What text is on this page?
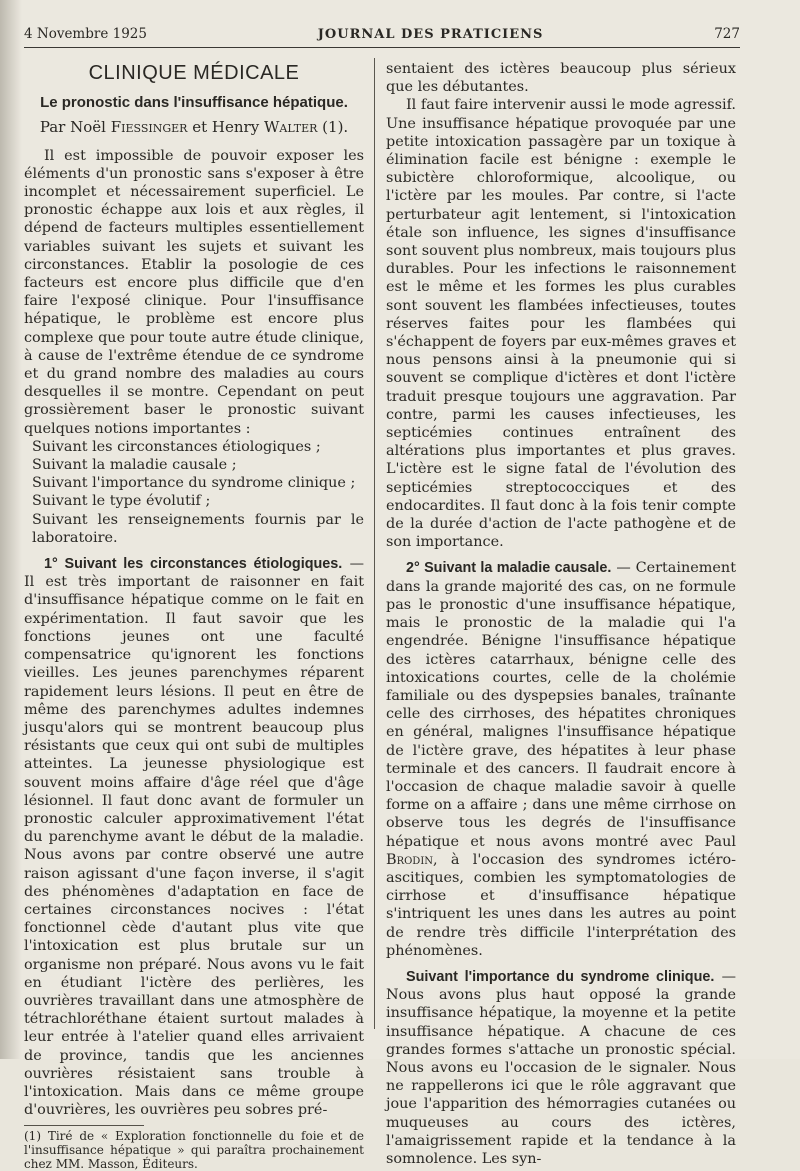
4 Novembre 1925	JOURNAL DES PRATICIENS	727
CLINIQUE MÉDICALE
Le pronostic dans l'insuffisance hépatique.
Par Noël Fiessinger et Henry Walter (1).

Il est impossible de pouvoir exposer les éléments d'un pronostic sans s'exposer à être incomplet et nécessairement superficiel. Le pronostic échappe aux lois et aux règles, il dépend de facteurs multiples essentiellement variables suivant les sujets et suivant les circonstances. Etablir la posologie de ces facteurs est encore plus difficile que d'en faire l'exposé clinique. Pour l'insuffisance hépatique, le problème est encore plus complexe que pour toute autre étude clinique, à cause de l'extrême étendue de ce syndrome et du grand nombre des maladies au cours desquelles il se montre. Cependant on peut grossièrement baser le pronostic suivant quelques notions importantes :

Suivant les circonstances étiologiques ;

Suivant la maladie causale ;

Suivant l'importance du syndrome clinique ;

Suivant le type évolutif ;

Suivant les renseignements fournis par le laboratoire.

1° Suivant les circonstances étiologiques. — Il est très important de raisonner en fait d'insuffisance hépatique comme on le fait en expérimentation. Il faut savoir que les fonctions jeunes ont une faculté compensatrice qu'ignorent les fonctions vieilles. Les jeunes parenchymes réparent rapidement leurs lésions. Il peut en être de même des parenchymes adultes indemnes jusqu'alors qui se montrent beaucoup plus résistants que ceux qui ont subi de multiples atteintes. La jeunesse physiologique est souvent moins affaire d'âge réel que d'âge lésionnel. Il faut donc avant de formuler un pronostic calculer approximativement l'état du parenchyme avant le début de la maladie. Nous avons par contre observé une autre raison agissant d'une façon inverse, il s'agit des phénomènes d'adaptation en face de certaines circonstances nocives : l'état fonctionnel cède d'autant plus vite que l'intoxication est plus brutale sur un organisme non préparé. Nous avons vu le fait en étudiant l'ictère des perlières, les ouvrières travaillant dans une atmosphère de tétrachloréthane étaient surtout malades à leur entrée à l'atelier quand elles arrivaient de province, tandis que les anciennes ouvrières résistaient sans trouble à l'intoxication. Mais dans ce même groupe d'ouvrières, les ouvrières peu sobres pré-

(1) Tiré de « Exploration fonctionnelle du foie et de l'insuffisance hépatique » qui paraîtra prochainement chez MM. Masson, Éditeurs.

sentaient des ictères beaucoup plus sérieux que les débutantes.

Il faut faire intervenir aussi le mode agressif. Une insuffisance hépatique provoquée par une petite intoxication passagère par un toxique à élimination facile est bénigne : exemple le subictère chloroformique, alcoolique, ou l'ictère par les moules. Par contre, si l'acte perturbateur agit lentement, si l'intoxication étale son influence, les signes d'insuffisance sont souvent plus nombreux, mais toujours plus durables. Pour les infections le raisonnement est le même et les formes les plus curables sont souvent les flambées infectieuses, toutes réserves faites pour les flambées qui s'échappent de foyers par eux-mêmes graves et nous pensons ainsi à la pneumonie qui si souvent se complique d'ictères et dont l'ictère traduit presque toujours une aggravation. Par contre, parmi les causes infectieuses, les septicémies continues entraînent des altérations plus importantes et plus graves. L'ictère est le signe fatal de l'évolution des septicémies streptococciques et des endocardites. Il faut donc à la fois tenir compte de la durée d'action de l'acte pathogène et de son importance.

2° Suivant la maladie causale. — Certainement dans la grande majorité des cas, on ne formule pas le pronostic d'une insuffisance hépatique, mais le pronostic de la maladie qui l'a engendrée. Bénigne l'insuffisance hépatique des ictères catarrhaux, bénigne celle des intoxications courtes, celle de la cholémie familiale ou des dyspepsies banales, traînante celle des cirrhoses, des hépatites chroniques en général, malignes l'insuffisance hépatique de l'ictère grave, des hépatites à leur phase terminale et des cancers. Il faudrait encore à l'occasion de chaque maladie savoir à quelle forme on a affaire ; dans une même cirrhose on observe tous les degrés de l'insuffisance hépatique et nous avons montré avec Paul Brodin, à l'occasion des syndromes ictéro-ascitiques, combien les symptomatologies de cirrhose et d'insuffisance hépatique s'intriquent les unes dans les autres au point de rendre très difficile l'interprétation des phénomènes.

Suivant l'importance du syndrome clinique. — Nous avons plus haut opposé la grande insuffisance hépatique, la moyenne et la petite insuffisance hépatique. A chacune de ces grandes formes s'attache un pronostic spécial. Nous avons eu l'occasion de le signaler. Nous ne rappellerons ici que le rôle aggravant que joue l'apparition des hémorragies cutanées ou muqueuses au cours des ictères, l'amaigrissement rapide et la tendance à la somnolence. Les syn-
